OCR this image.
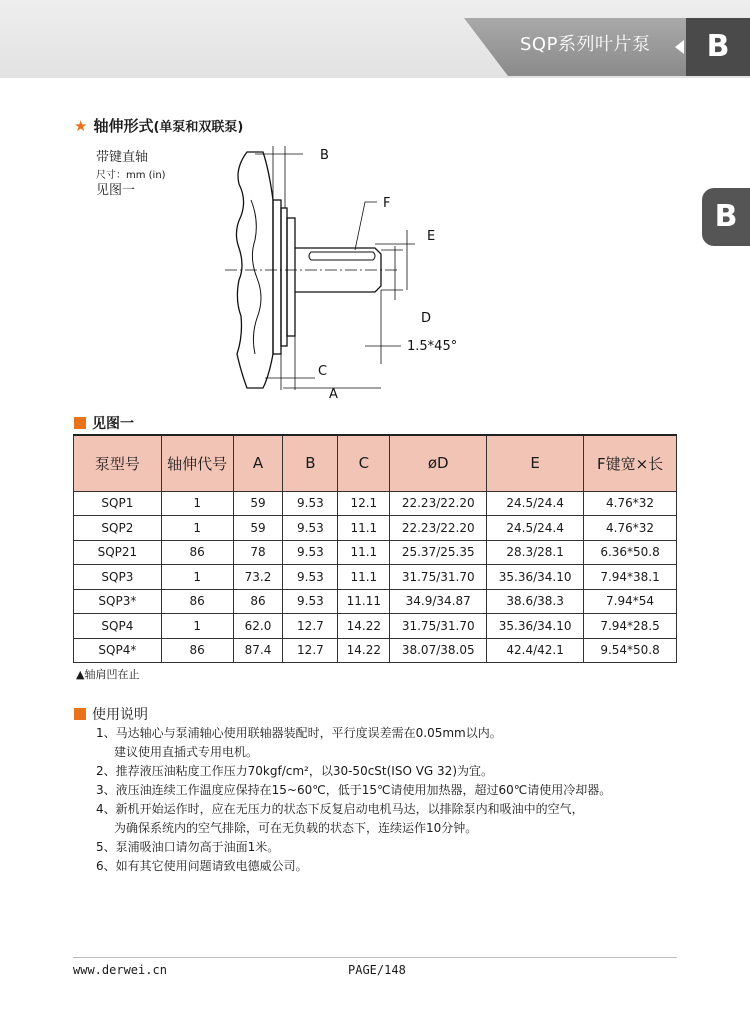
SQP系列叶片泵	B
B
★ 轴伸形式(单泵和双联泵)
带键直轴
尺寸：mm (in)
见图一
B
F
E
D
1.5*45°
C
A
见图一
泵型号	轴伸代号	A	B	C	øD	E	F键宽×长
SQP1	1	59	9.53	12.1	22.23/22.20	24.5/24.4	4.76*32
SQP2	1	59	9.53	11.1	22.23/22.20	24.5/24.4	4.76*32
SQP21	86	78	9.53	11.1	25.37/25.35	28.3/28.1	6.36*50.8
SQP3	1	73.2	9.53	11.1	31.75/31.70	35.36/34.10	7.94*38.1
SQP3*	86	86	9.53	11.11	34.9/34.87	38.6/38.3	7.94*54
SQP4	1	62.0	12.7	14.22	31.75/31.70	35.36/34.10	7.94*28.5
SQP4*	86	87.4	12.7	14.22	38.07/38.05	42.4/42.1	9.54*50.8
▲轴肩凹在止
使用说明
1、马达轴心与泵浦轴心使用联轴器装配时，平行度误差需在0.05mm以内。
建议使用直插式专用电机。
2、推荐液压油粘度工作压力70kgf/cm²，以30-50cSt(ISO VG 32)为宜。
3、液压油连续工作温度应保持在15~60℃，低于15℃请使用加热器，超过60℃请使用冷却器。
4、新机开始运作时，应在无压力的状态下反复启动电机马达，以排除泵内和吸油中的空气，
为确保系统内的空气排除，可在无负载的状态下，连续运作10分钟。
5、泵浦吸油口请勿高于油面1米。
6、如有其它使用问题请致电德威公司。
www.derwei.cn	PAGE/148
